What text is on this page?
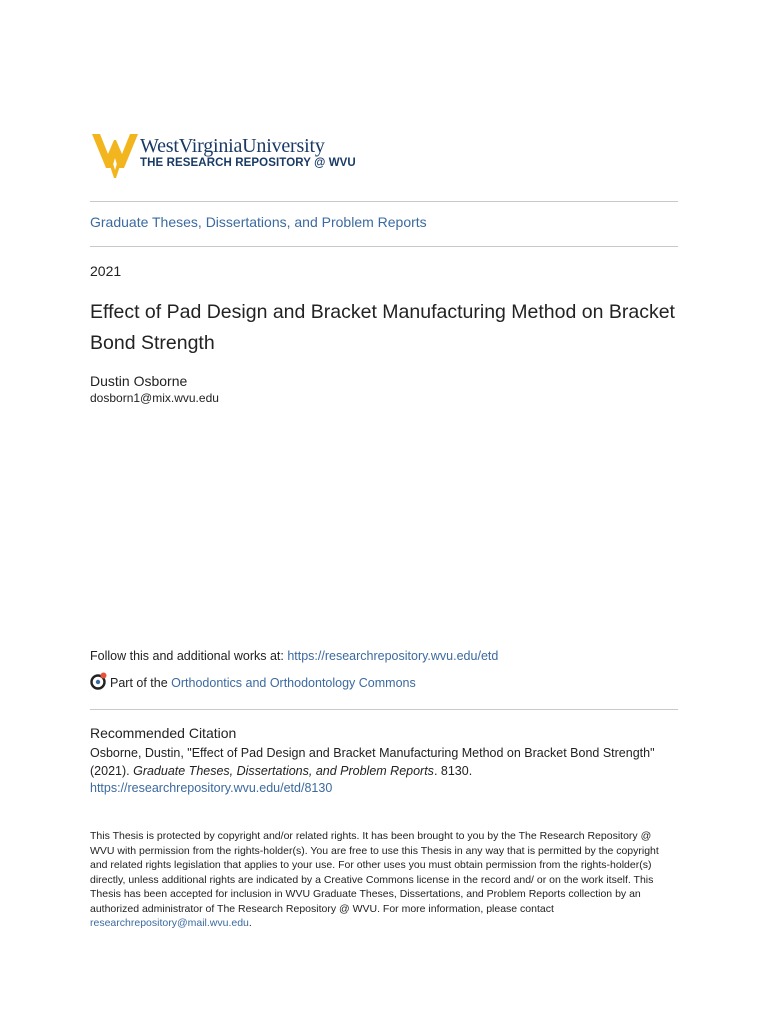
WestVirginiaUniversity
THE RESEARCH REPOSITORY @ WVU
Graduate Theses, Dissertations, and Problem Reports
2021
Effect of Pad Design and Bracket Manufacturing Method on Bracket Bond Strength
Dustin Osborne
dosborn1@mix.wvu.edu
Follow this and additional works at: https://researchrepository.wvu.edu/etd
Part of the Orthodontics and Orthodontology Commons
Recommended Citation
Osborne, Dustin, "Effect of Pad Design and Bracket Manufacturing Method on Bracket Bond Strength" (2021). Graduate Theses, Dissertations, and Problem Reports. 8130.
https://researchrepository.wvu.edu/etd/8130
This Thesis is protected by copyright and/or related rights. It has been brought to you by the The Research Repository @ WVU with permission from the rights-holder(s). You are free to use this Thesis in any way that is permitted by the copyright and related rights legislation that applies to your use. For other uses you must obtain permission from the rights-holder(s) directly, unless additional rights are indicated by a Creative Commons license in the record and/ or on the work itself. This Thesis has been accepted for inclusion in WVU Graduate Theses, Dissertations, and Problem Reports collection by an authorized administrator of The Research Repository @ WVU. For more information, please contact researchrepository@mail.wvu.edu.
